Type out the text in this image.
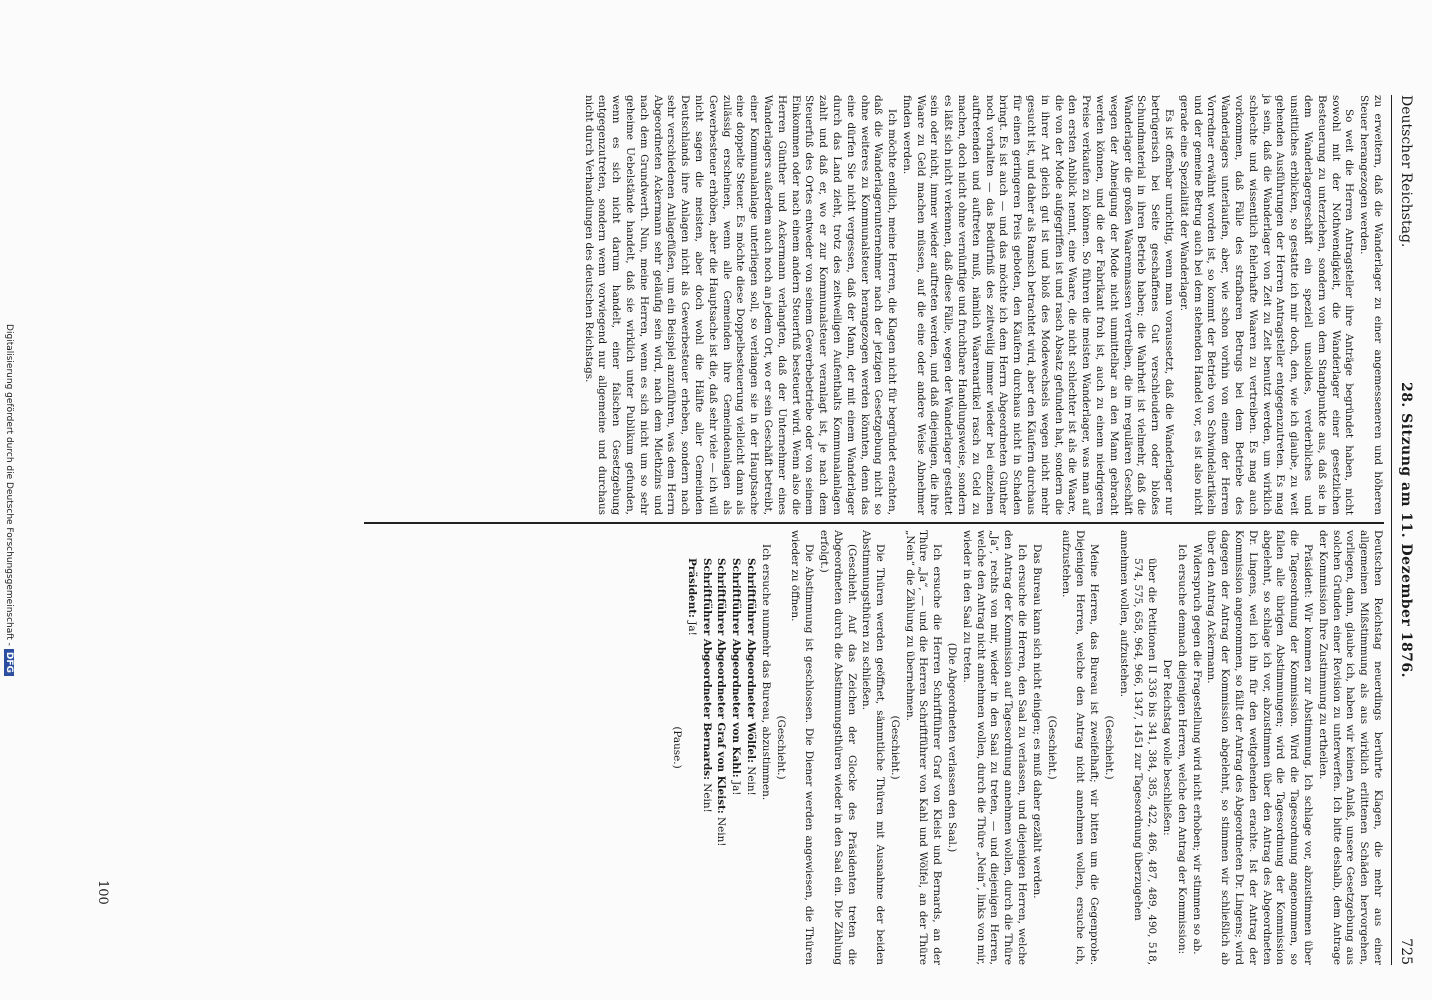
Deutscher Reichstag.
28. Sitzung am 11. Dezember 1876.
725

zu erweitern, daß die Wanderlager zu einer angemesseneren und höheren Steuer herangezogen werden.

So weit die Herren Antragsteller ihre Anträge begründet haben, nicht sowohl mit der Nothwendigkeit, die Wanderlager einer gesetzlichen Besteuerung zu unterziehen, sondern von dem Standpunkte aus, daß sie in dem Wanderlagergeschäft ein speziell unsolides, verderbliches und unsittliches erblicken, so gestatte ich mir doch, den, wie ich glaube, zu weit gehenden Ausführungen der Herren Antragsteller entgegenzutreten. Es mag ja sein, daß die Wanderlager von Zeit zu Zeit benutzt werden, um wirklich schlechte und wissentlich fehlerhafte Waaren zu vertreiben. Es mag auch vorkommen, daß Fälle des strafbaren Betrugs bei dem Betriebe des Wanderlagers unterlaufen, aber, wie schon vorhin von einem der Herren Vorredner erwähnt worden ist, so kommt der Betrieb von Schwindelartikeln und der gemeine Betrug auch bei dem stehenden Handel vor, es ist also nicht gerade eine Spezialität der Wanderlager.

Es ist offenbar unrichtig, wenn man voraussetzt, daß die Wanderlager nur betrügerisch bei Seite geschaffenes Gut verschleudern oder bloßes Schundmaterial in ihren Betrieb haben; die Wahrheit ist vielmehr, daß die Wanderlager die großen Waarenmassen vertreiben, die im regulären Geschäft wegen der Abneigung der Mode nicht unmittelbar an den Mann gebracht werden können, und die der Fabrikant froh ist, auch zu einem niedrigeren Preise verkaufen zu können. So führen die meisten Wanderlager, was man auf den ersten Anblick nennt, eine Waare, die nicht schlechter ist als die Waare, die von der Mode aufgegriffen ist und rasch Absatz gefunden hat, sondern die in ihrer Art gleich gut ist und bloß des Modewechsels wegen nicht mehr gesucht ist, und daher als Ramsch betrachtet wird, aber den Käufern durchaus für einen geringeren Preis geboten, den Käufern durchaus nicht in Schaden bringt. Es ist auch — und das möchte ich dem Herrn Abgeordneten Günther noch vorhalten — das Bedürfniß des zeitweilig immer wieder bei einzelnen auftretenden und auftreten muß, nämlich Waarenartikel rasch zu Geld zu machen, doch nicht ohne vernünftige und fruchtbare Handlungsweise, sondern es läßt sich nicht verkennen, daß diese Fälle, wegen der Wanderlager gestattet sein oder nicht, immer wieder auftreten werden, und daß diejenigen, die ihre Waare zu Geld machen müssen, auf die eine oder andere Weise Abnehmer finden werden.

Ich möchte endlich, meine Herren, die Klagen nicht für begründet erachten, daß die Wanderlagerunternehmer nach der jetzigen Gesetzgebung nicht so ohne weiteres zu Kommunalsteuer herangezogen werden könnten, denn das eine dürfen Sie nicht vergessen, daß der Mann, der mit einem Wanderlager durch das Land zieht, trotz des zeitweiligen Aufenthalts Kommunalanlagen zahlt und daß er, wo er zur Kommunalsteuer veranlagt ist, je nach dem Steuerfuß des Ortes entweder von seinem Gewerbebetriebe oder von seinem Einkommen oder nach einem andern Steuerfuß besteuert wird. Wenn also die Herren Günther und Ackermann verlangten, daß der Unternehmer eines Wanderlagers außerdem auch noch an jedem Ort, wo er sein Geschäft betreibt, einer Kommunalanlage unterliegen soll, so verlangen sie in der Hauptsache eine doppelte Steuer. Es möchte diese Doppelbesteuerung vielleicht dann als zulässig erscheinen, wenn alle Gemeinden ihre Gemeindeanlagen als Gewerbesteuer erhöben, aber die Hauptsache ist die, daß sehr viele — ich will nicht sagen die meisten, aber doch wohl die Hälfte aller Gemeinden Deutschlands ihre Anlagen nicht als Gewerbesteuer erheben, sondern nach sehr verschiedenen Anlagefüßen, um ein Beispiel anzuführen, was dem Herrn Abgeordneten Ackermann sehr geläufig sein wird, nach dem Miethzins und nach dem Grundwerth. Nun, meine Herren, wenn es sich nicht um so sehr geheime Uebelstände handelt, daß sie wirklich unter Publikum gefunden, wenn es sich nicht darum handelt, einer falschen Gesetzgebung entgegenzutreten, sondern wenn vorwiegend nur allgemeine und durchaus nicht durch Verhandlungen des deutschen Reichstags.

Deutschen Reichstag neuerdings berührte Klagen, die mehr aus einer allgemeinen Mißstimmung als aus wirklich erlittenen Schäden hervorgehen, vorliegen, dann, glaube ich, haben wir keinen Anlaß, unsere Gesetzgebung aus solchen Gründen einer Revision zu unterwerfen. Ich bitte deshalb, dem Antrage der Kommission Ihre Zustimmung zu ertheilen.

Präsident: Wir kommen zur Abstimmung. Ich schlage vor, abzustimmen über die Tagesordnung der Kommission. Wird die Tagesordnung angenommen, so fallen alle übrigen Abstimmungen; wird die Tagesordnung der Kommission abgelehnt, so schlage ich vor, abzustimmen über den Antrag des Abgeordneten Dr. Lingens, weil ich ihn für den weitgehenden erachte. Ist der Antrag der Kommission angenommen, so fällt der Antrag des Abgeordneten Dr. Lingens; wird dagegen der Antrag der Kommission abgelehnt, so stimmen wir schließlich ab über den Antrag Ackermann.

Widerspruch gegen die Fragestellung wird nicht erhoben; wir stimmen so ab.

Ich ersuche demnach diejenigen Herren, welche den Antrag der Kommission:

Der Reichstag wolle beschließen:

über die Petitionen II 336 bis 341, 384, 385, 422, 486, 487, 489, 490, 518, 574, 575, 658, 964, 966, 1347, 1451 zur Tagesordnung überzugehen

annehmen wollen, aufzustehen.

(Geschieht.)

Meine Herren, das Bureau ist zweifelhaft; wir bitten um die Gegenprobe. Diejenigen Herren, welche den Antrag nicht annehmen wollen, ersuche ich, aufzustehen.

(Geschieht.)

Das Bureau kann sich nicht einigen; es muß daher gezählt werden.

Ich ersuche die Herren, den Saal zu verlassen, und diejenigen Herren, welche den Antrag der Kommission auf Tagesordnung annehmen wollen, durch die Thüre „Ja“, rechts von mir, wieder in den Saal zu treten, — und diejenigen Herren, welche den Antrag nicht annehmen wollen, durch die Thüre „Nein“, links von mir, wieder in den Saal zu treten.

(Die Abgeordneten verlassen den Saal.)

Ich ersuche die Herren Schriftführer Graf von Kleist und Bernards, an der Thüre „Ja“, — und die Herren Schriftführer von Kahl und Wölfel, an der Thüre „Nein“ die Zählung zu übernehmen.

(Geschieht.)

Die Thüren werden geöffnet, sämmtliche Thüren mit Ausnahme der beiden Abstimmungsthüren zu schließen.

(Geschieht. Auf das Zeichen der Glocke des Präsidenten treten die Abgeordneten durch die Abstimmungsthüren wieder in den Saal ein. Die Zählung erfolgt.)

Die Abstimmung ist geschlossen. Die Diener werden angewiesen, die Thüren wieder zu öffnen.

(Geschieht.)

Ich ersuche nunmehr das Bureau, abzustimmen.

Schriftführer Abgeordneter Wölfel: Nein!

Schriftführer Abgeordneter von Kahl: Ja!

Schriftführer Abgeordneter Graf von Kleist: Nein!

Schriftführer Abgeordneter Bernards: Nein!

Präsident: Ja!

(Pause.)

100
Digitalisierung gefördert durch die Deutsche Forschungsgemeinschaft -DFG
